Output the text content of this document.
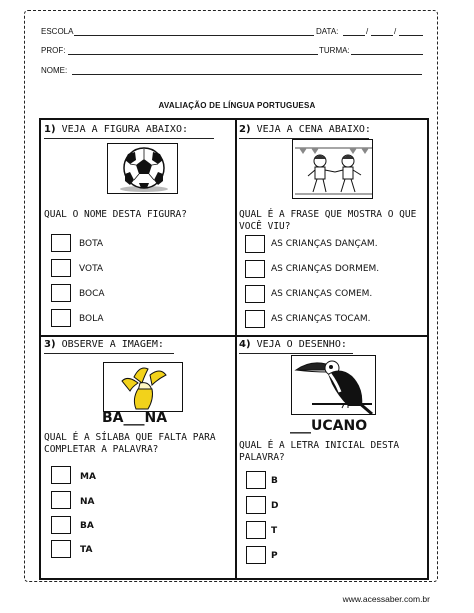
ESCOLA	DATA:	/	/
PROF:	TURMA:
NOME:
AVALIAÇÃO DE LÍNGUA PORTUGUESA
1) VEJA A FIGURA ABAIXO:
QUAL O NOME DESTA FIGURA?
BOTA
VOTA
BOCA
BOLA
2) VEJA A CENA ABAIXO:
QUAL É A FRASE QUE MOSTRA O QUE VOCÊ VIU?
AS CRIANÇAS DANÇAM.
AS CRIANÇAS DORMEM.
AS CRIANÇAS COMEM.
AS CRIANÇAS TOCAM.
3) OBSERVE A IMAGEM:
BA___NA
QUAL É A SÍLABA QUE FALTA PARA COMPLETAR A PALAVRA?
MA
NA
BA
TA
4) VEJA O DESENHO:
___UCANO
QUAL É A LETRA INICIAL DESTA PALAVRA?
B
D
T
P
www.acessaber.com.br
